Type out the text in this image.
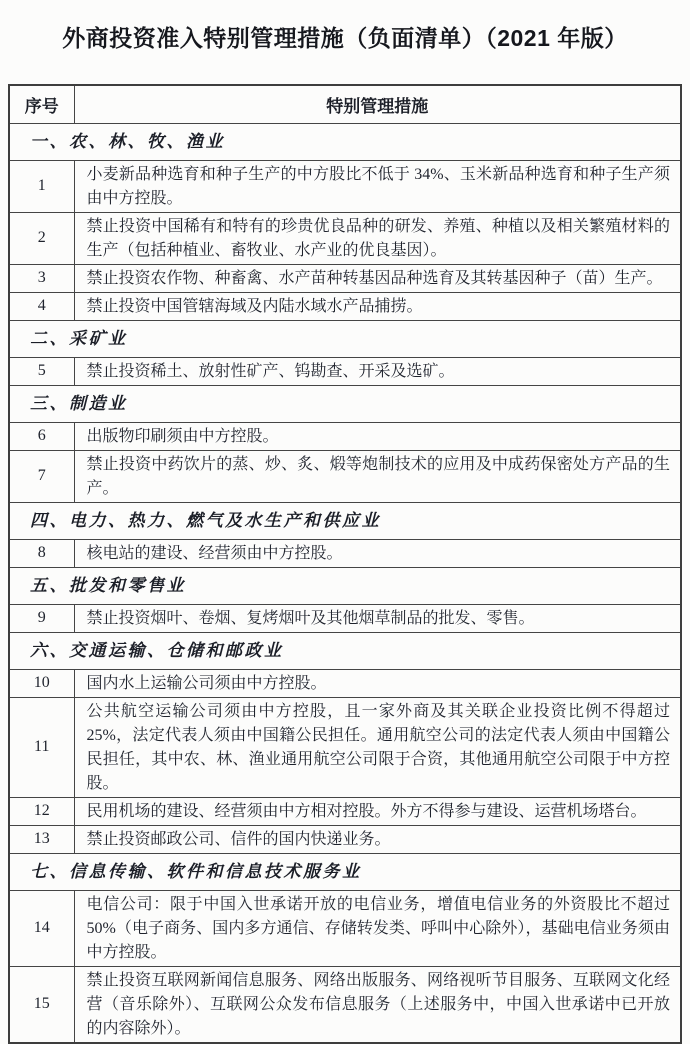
外商投资准入特别管理措施（负面清单）（2021 年版）
序号	特别管理措施
一、农、林、牧、渔业	
1	小麦新品种选育和种子生产的中方股比不低于 34%、玉米新品种选育和种子生产须由中方控股。
2	禁止投资中国稀有和特有的珍贵优良品种的研发、养殖、种植以及相关繁殖材料的生产（包括种植业、畜牧业、水产业的优良基因）。
3	禁止投资农作物、种畜禽、水产苗种转基因品种选育及其转基因种子（苗）生产。
4	禁止投资中国管辖海域及内陆水域水产品捕捞。
二、采矿业	
5	禁止投资稀土、放射性矿产、钨勘查、开采及选矿。
三、制造业	
6	出版物印刷须由中方控股。
7	禁止投资中药饮片的蒸、炒、炙、煅等炮制技术的应用及中成药保密处方产品的生产。
四、电力、热力、燃气及水生产和供应业	
8	核电站的建设、经营须由中方控股。
五、批发和零售业	
9	禁止投资烟叶、卷烟、复烤烟叶及其他烟草制品的批发、零售。
六、交通运输、仓储和邮政业	
10	国内水上运输公司须由中方控股。
11	公共航空运输公司须由中方控股，且一家外商及其关联企业投资比例不得超过 25%，法定代表人须由中国籍公民担任。通用航空公司的法定代表人须由中国籍公民担任，其中农、林、渔业通用航空公司限于合资，其他通用航空公司限于中方控股。
12	民用机场的建设、经营须由中方相对控股。外方不得参与建设、运营机场塔台。
13	禁止投资邮政公司、信件的国内快递业务。
七、信息传输、软件和信息技术服务业	
14	电信公司：限于中国入世承诺开放的电信业务，增值电信业务的外资股比不超过 50%（电子商务、国内多方通信、存储转发类、呼叫中心除外），基础电信业务须由中方控股。
15	禁止投资互联网新闻信息服务、网络出版服务、网络视听节目服务、互联网文化经营（音乐除外）、互联网公众发布信息服务（上述服务中，中国入世承诺中已开放的内容除外）。
